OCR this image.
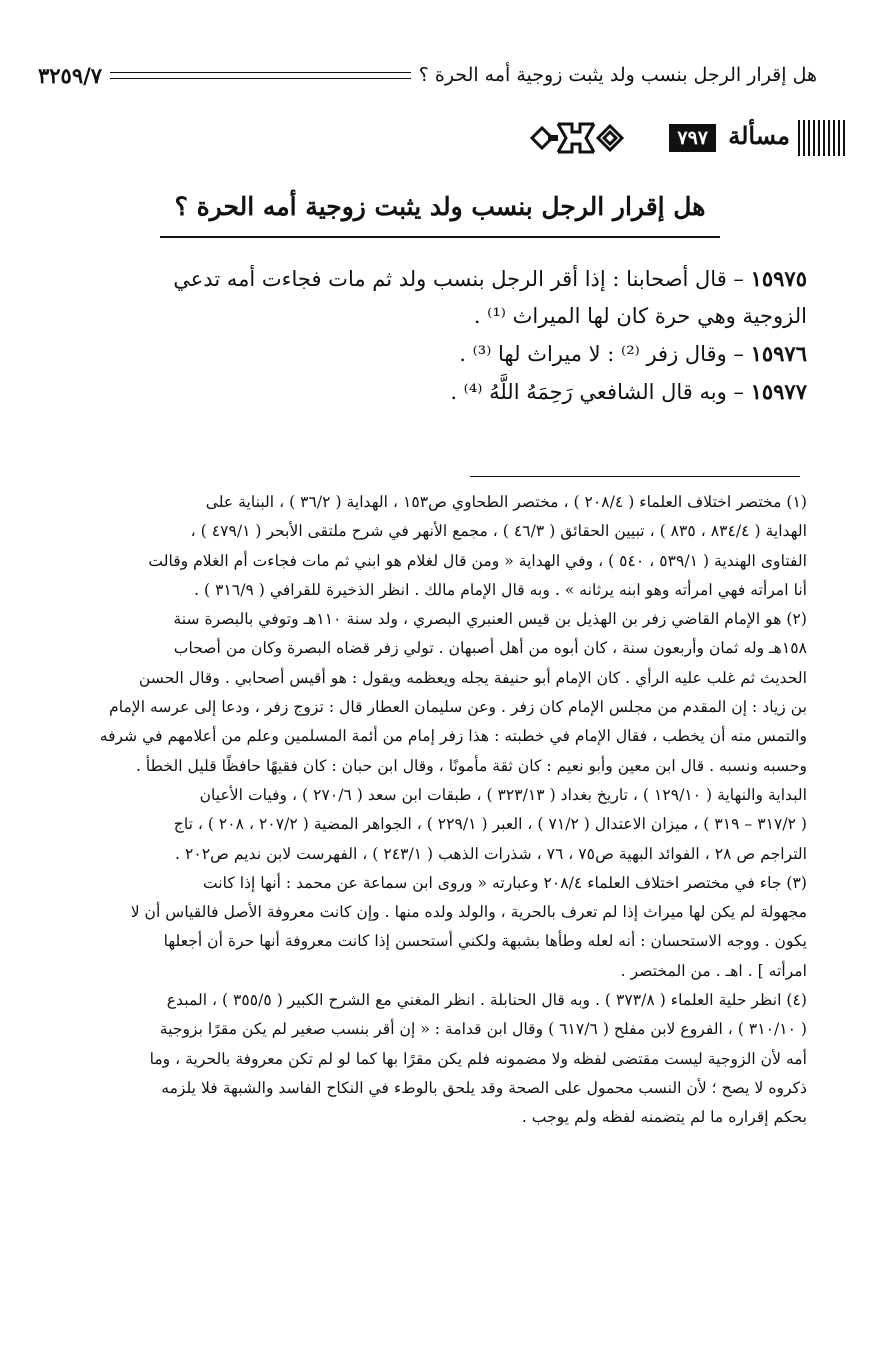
هل إقرار الرجل بنسب ولد يثبت زوجية أمه الحرة ؟
٣٢٥٩/٧
مسألة
٧٩٧
هل إقرار الرجل بنسب ولد يثبت زوجية أمه الحرة ؟

١٥٩٧٥ – قال أصحابنا : إذا أقر الرجل بنسب ولد ثم مات فجاءت أمه تدعي

الزوجية وهي حرة كان لها الميراث ⁽¹⁾ .

١٥٩٧٦ – وقال زفر ⁽²⁾ : لا ميراث لها ⁽³⁾ .

١٥٩٧٧ – وبه قال الشافعي رَحِمَهُ اللَّهُ ⁽⁴⁾ .

(١) مختصر اختلاف العلماء ( ٢٠٨/٤ ) ، مختصر الطحاوي ص١٥٣ ، الهداية ( ٣٦/٢ ) ، البناية على

الهداية ( ٨٣٤/٤ ، ٨٣٥ ) ، تبيين الحقائق ( ٤٦/٣ ) ، مجمع الأنهر في شرح ملتقى الأبحر ( ٤٧٩/١ ) ،

الفتاوى الهندية ( ٥٣٩/١ ، ٥٤٠ ) ، وفي الهداية « ومن قال لغلام هو ابني ثم مات فجاءت أم الغلام وقالت

أنا امرأته فهي امرأته وهو ابنه يرثانه » . وبه قال الإمام مالك . انظر الذخيرة للقرافي ( ٣١٦/٩ ) .

(٢) هو الإمام القاضي زفر بن الهذيل بن قيس العنبري البصري ، ولد سنة ١١٠هـ وتوفي بالبصرة سنة

١٥٨هـ وله ثمان وأربعون سنة ، كان أبوه من أهل أصبهان . تولي زفر قضاه البصرة وكان من أصحاب

الحديث ثم غلب عليه الرأي . كان الإمام أبو حنيفة يجله ويعظمه ويقول : هو أقيس أصحابي . وقال الحسن

بن زياد : إن المقدم من مجلس الإمام كان زفر . وعن سليمان العطار قال : تزوج زفر ، ودعا إلى عرسه الإمام

والتمس منه أن يخطب ، فقال الإمام في خطبته : هذا زفر إمام من أئمة المسلمين وعلم من أعلامهم في شرفه

وحسبه ونسبه . قال ابن معين وأبو نعيم : كان ثقة مأمونًا ، وقال ابن حبان : كان فقيهًا حافظًا قليل الخطأ .

البداية والنهاية ( ١٢٩/١٠ ) ، تاريخ بغداد ( ٣٢٣/١٣ ) ، طبقات ابن سعد ( ٢٧٠/٦ ) ، وفيات الأعيان

( ٣١٧/٢ – ٣١٩ ) ، ميزان الاعتدال ( ٧١/٢ ) ، العبر ( ٢٢٩/١ ) ، الجواهر المضية ( ٢٠٧/٢ ، ٢٠٨ ) ، تاج

التراجم ص ٢٨ ، الفوائد البهية ص٧٥ ، ٧٦ ، شذرات الذهب ( ٢٤٣/١ ) ، الفهرست لابن نديم ص٢٠٢ .

(٣) جاء في مختصر اختلاف العلماء ٢٠٨/٤ وعبارته « وروى ابن سماعة عن محمد : أنها إذا كانت

مجهولة لم يكن لها ميراث إذا لم تعرف بالحرية ، والولد ولده منها . وإن كانت معروفة الأصل فالقياس أن لا

يكون . ووجه الاستحسان : أنه لعله وطأها بشبهة ولكني أستحسن إذا كانت معروفة أنها حرة أن أجعلها

امرأته ] . اهـ . من المختصر .

(٤) انظر حلية العلماء ( ٣٧٣/٨ ) . وبه قال الحنابلة . انظر المغني مع الشرح الكبير ( ٣٥٥/٥ ) ، المبدع

( ٣١٠/١٠ ) ، الفروع لابن مفلح ( ٦١٧/٦ ) وقال ابن قدامة : « إن أقر بنسب صغير لم يكن مقرًا بزوجية

أمه لأن الزوجية ليست مقتضى لفظه ولا مضمونه فلم يكن مقرًا بها كما لو لم تكن معروفة بالحرية ، وما

ذكروه لا يصح ؛ لأن النسب محمول على الصحة وقد يلحق بالوطء في النكاح الفاسد والشبهة فلا يلزمه

بحكم إقراره ما لم يتضمنه لفظه ولم يوجب .
